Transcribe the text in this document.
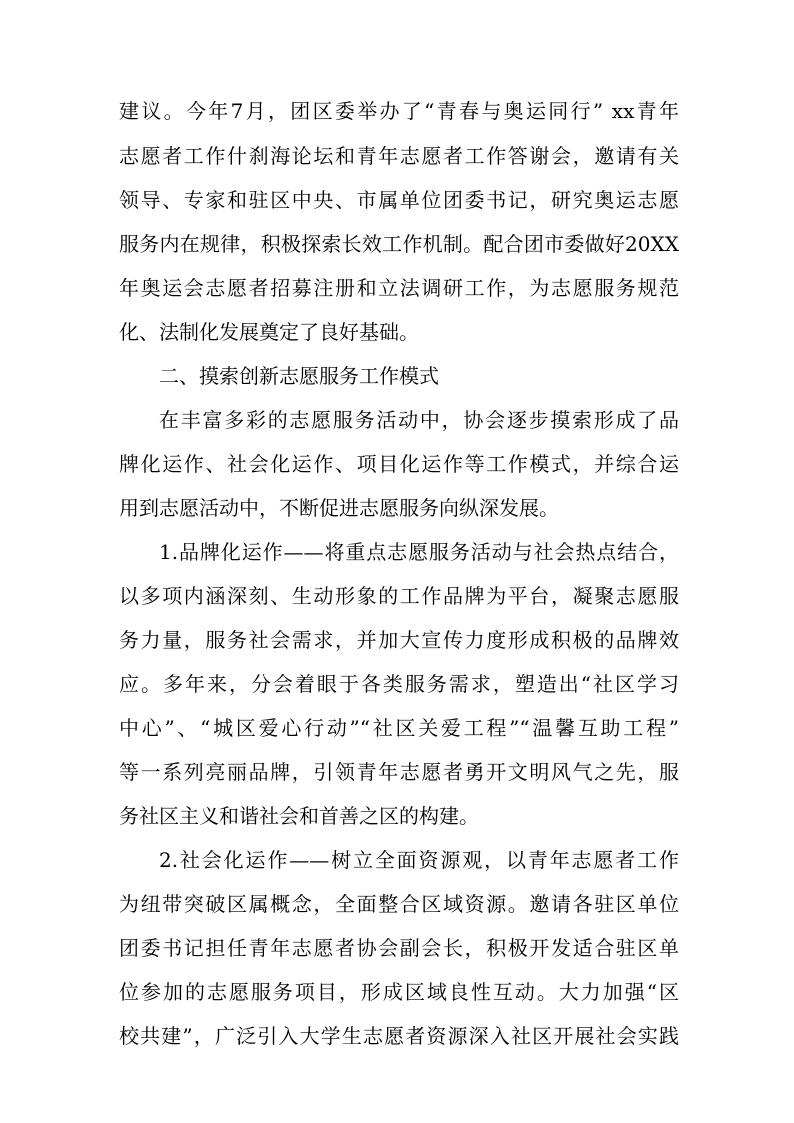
建议。今年7月，团区委举办了“青春与奥运同行” xx青年
志愿者工作什刹海论坛和青年志愿者工作答谢会，邀请有关
领导、专家和驻区中央、市属单位团委书记，研究奥运志愿
服务内在规律，积极探索长效工作机制。配合团市委做好20XX
年奥运会志愿者招募注册和立法调研工作，为志愿服务规范
化、法制化发展奠定了良好基础。
二、摸索创新志愿服务工作模式
在丰富多彩的志愿服务活动中，协会逐步摸索形成了品
牌化运作、社会化运作、项目化运作等工作模式，并综合运
用到志愿活动中，不断促进志愿服务向纵深发展。
1.品牌化运作——将重点志愿服务活动与社会热点结合，
以多项内涵深刻、生动形象的工作品牌为平台，凝聚志愿服
务力量，服务社会需求，并加大宣传力度形成积极的品牌效
应。多年来，分会着眼于各类服务需求，塑造出“社区学习
中心”、“城区爱心行动”“社区关爱工程”“温馨互助工程”
等一系列亮丽品牌，引领青年志愿者勇开文明风气之先，服
务社区主义和谐社会和首善之区的构建。
2.社会化运作——树立全面资源观，以青年志愿者工作
为纽带突破区属概念，全面整合区域资源。邀请各驻区单位
团委书记担任青年志愿者协会副会长，积极开发适合驻区单
位参加的志愿服务项目，形成区域良性互动。大力加强“区
校共建”，广泛引入大学生志愿者资源深入社区开展社会实践
